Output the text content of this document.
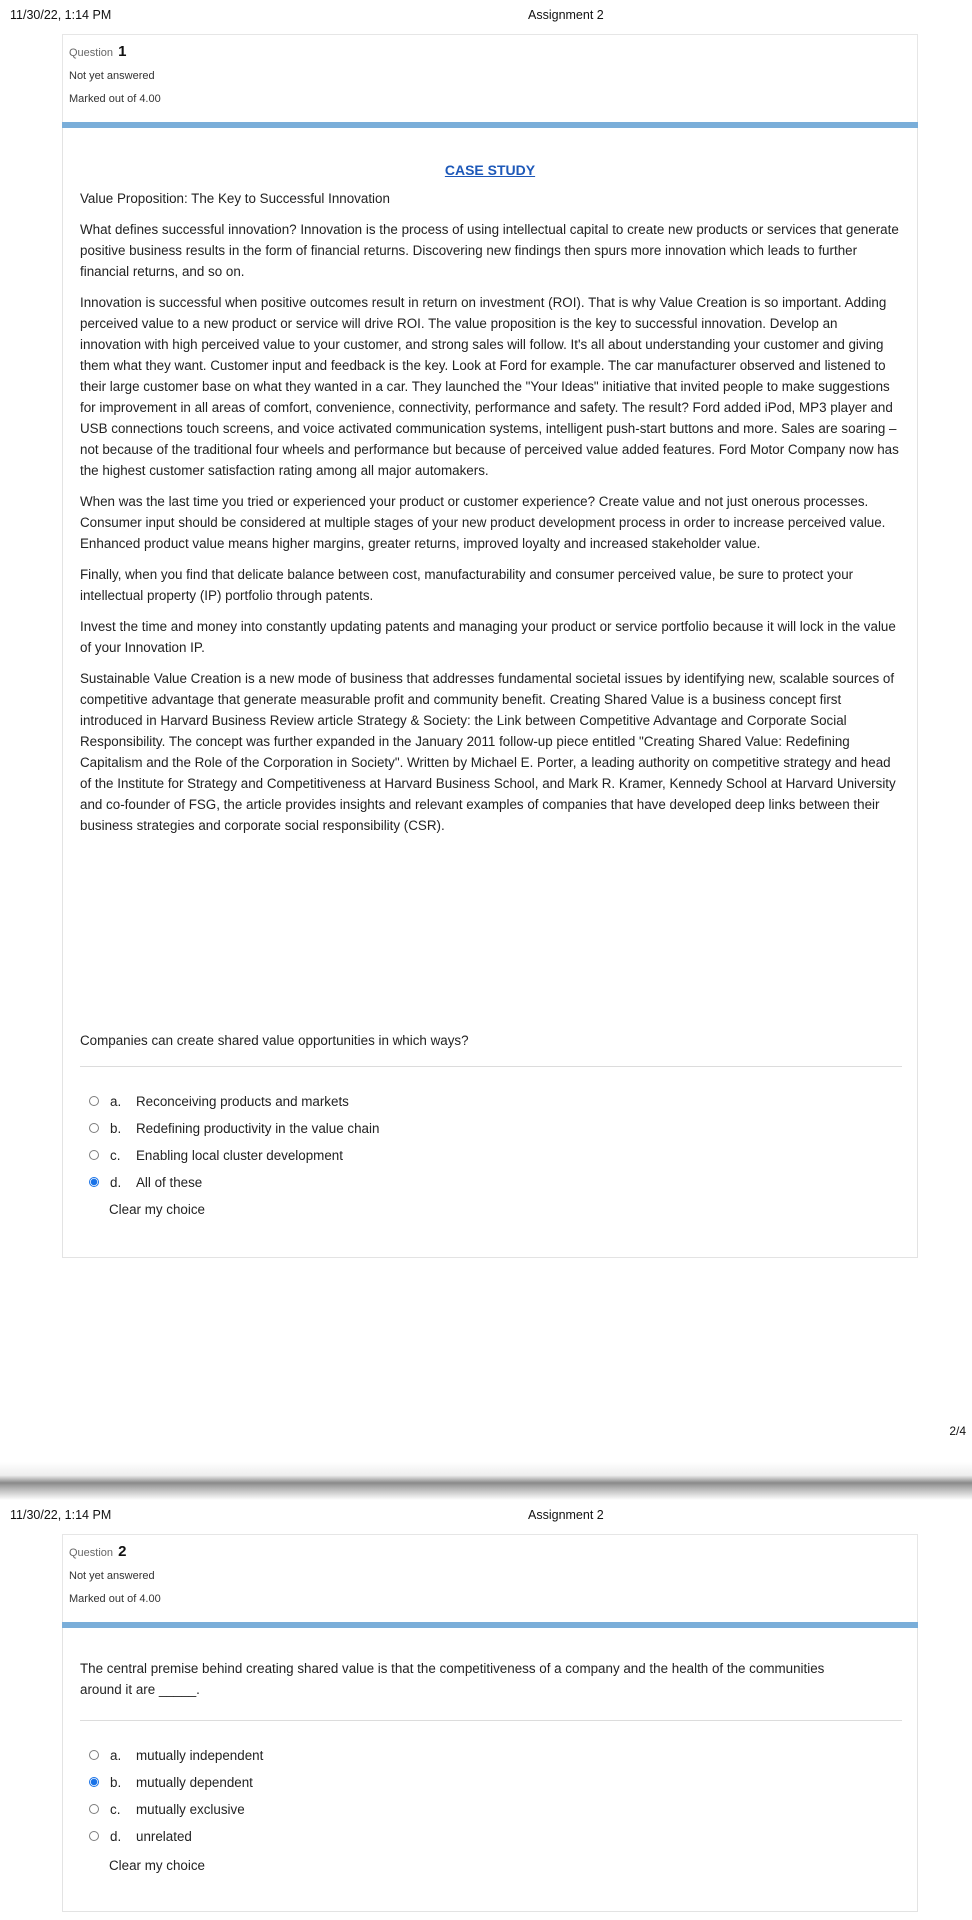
11/30/22, 1:14 PM	Assignment 2
Question 1
Not yet answered
Marked out of 4.00
CASE STUDY

Value Proposition: The Key to Successful Innovation

What defines successful innovation? Innovation is the process of using intellectual capital to create new products or services that generate positive business results in the form of financial returns. Discovering new findings then spurs more innovation which leads to further financial returns, and so on.

Innovation is successful when positive outcomes result in return on investment (ROI). That is why Value Creation is so important. Adding perceived value to a new product or service will drive ROI. The value proposition is the key to successful innovation. Develop an innovation with high perceived value to your customer, and strong sales will follow. It's all about understanding your customer and giving them what they want. Customer input and feedback is the key. Look at Ford for example. The car manufacturer observed and listened to their large customer base on what they wanted in a car. They launched the "Your Ideas" initiative that invited people to make suggestions for improvement in all areas of comfort, convenience, connectivity, performance and safety. The result? Ford added iPod, MP3 player and USB connections touch screens, and voice activated communication systems, intelligent push-start buttons and more. Sales are soaring – not because of the traditional four wheels and performance but because of perceived value added features. Ford Motor Company now has the highest customer satisfaction rating among all major automakers.

When was the last time you tried or experienced your product or customer experience? Create value and not just onerous processes. Consumer input should be considered at multiple stages of your new product development process in order to increase perceived value. Enhanced product value means higher margins, greater returns, improved loyalty and increased stakeholder value.

Finally, when you find that delicate balance between cost, manufacturability and consumer perceived value, be sure to protect your intellectual property (IP) portfolio through patents.

Invest the time and money into constantly updating patents and managing your product or service portfolio because it will lock in the value of your Innovation IP.

Sustainable Value Creation is a new mode of business that addresses fundamental societal issues by identifying new, scalable sources of competitive advantage that generate measurable profit and community benefit. Creating Shared Value is a business concept first introduced in Harvard Business Review article Strategy & Society: the Link between Competitive Advantage and Corporate Social Responsibility. The concept was further expanded in the January 2011 follow-up piece entitled "Creating Shared Value: Redefining Capitalism and the Role of the Corporation in Society". Written by Michael E. Porter, a leading authority on competitive strategy and head of the Institute for Strategy and Competitiveness at Harvard Business School, and Mark R. Kramer, Kennedy School at Harvard University and co-founder of FSG, the article provides insights and relevant examples of companies that have developed deep links between their business strategies and corporate social responsibility (CSR).

Companies can create shared value opportunities in which ways?
a. Reconceiving products and markets
b. Redefining productivity in the value chain
c. Enabling local cluster development
d. All of these
Clear my choice
2/4
11/30/22, 1:14 PM	Assignment 2
Question 2
Not yet answered
Marked out of 4.00
The central premise behind creating shared value is that the competitiveness of a company and the health of the communities around it are _____.
a. mutually independent
b. mutually dependent
c. mutually exclusive
d. unrelated
Clear my choice
